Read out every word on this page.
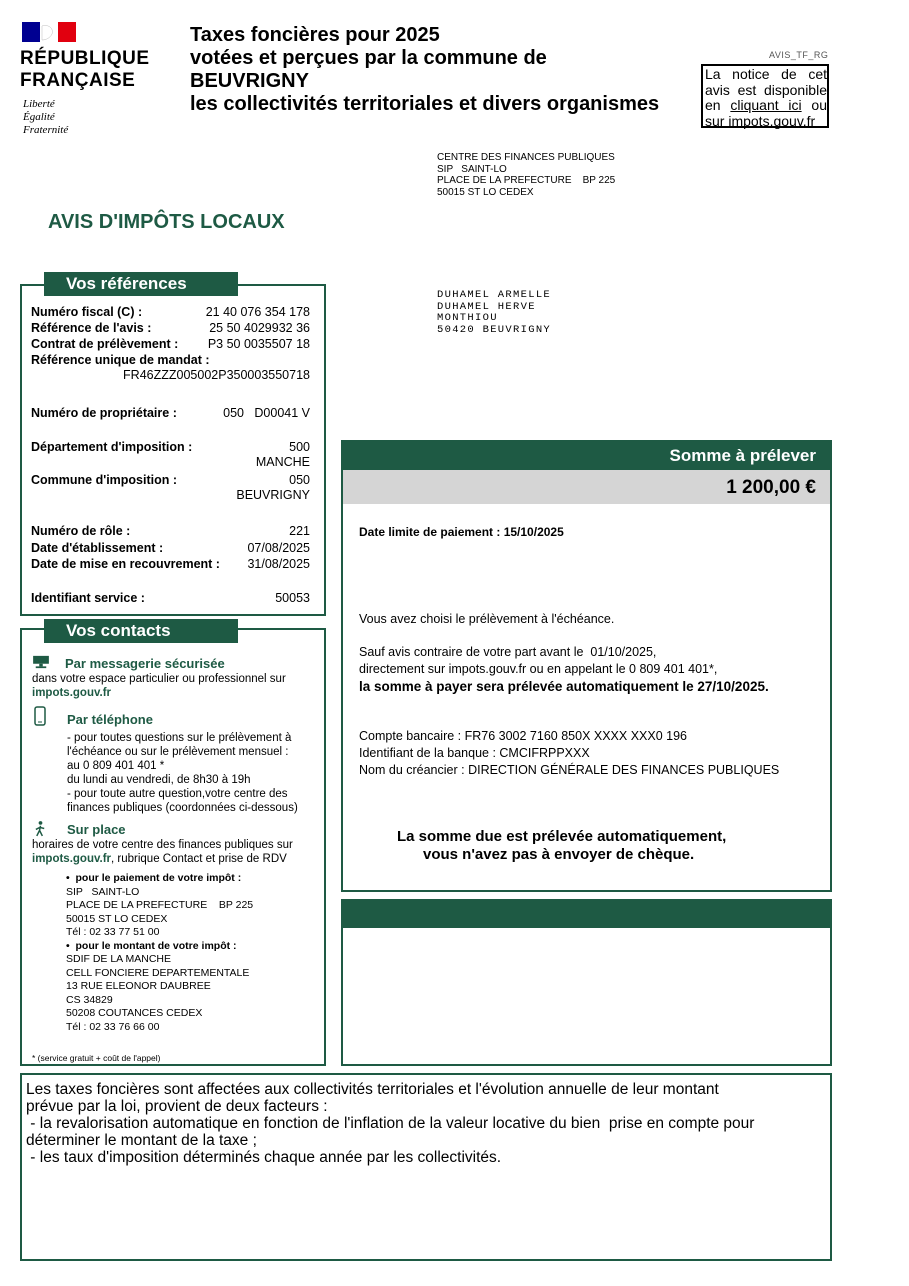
RÉPUBLIQUE
FRANÇAISE
Liberté
Égalité
Fraternité
Taxes foncières pour 2025
votées et perçues par la commune de
BEUVRIGNY
les collectivités territoriales et divers organismes
AVIS_TF_RG
La notice de cet avis est disponible en cliquant ici ou sur impots.gouv.fr
CENTRE DES FINANCES PUBLIQUES
SIP   SAINT-LO
PLACE DE LA PREFECTURE    BP 225
50015 ST LO CEDEX
AVIS D'IMPÔTS LOCAUX
DUHAMEL ARMELLE
DUHAMEL HERVE
MONTHIOU
50420 BEUVRIGNY
Vos références
Numéro fiscal (C) :	21 40 076 354 178
Référence de l'avis :	25 50 4029932 36
Contrat de prélèvement : P3 50 0035507 18
Référence unique de mandat :
FR46ZZZ005002P350003550718
Numéro de propriétaire :	050   D00041 V
Département d'imposition :	500
MANCHE
Commune d'imposition :	050
BEUVRIGNY
Numéro de rôle :	221
Date d'établissement :	07/08/2025
Date de mise en recouvrement : 31/08/2025
Identifiant service :	50053
Vos contacts
Par messagerie sécurisée
dans votre espace particulier ou professionnel sur
impots.gouv.fr
Par téléphone
- pour toutes questions sur le prélèvement à
l'échéance ou sur le prélèvement mensuel :
au 0 809 401 401 *
du lundi au vendredi, de 8h30 à 19h
- pour toute autre question,votre centre des
finances publiques (coordonnées ci-dessous)
Sur place
horaires de votre centre des finances publiques sur
impots.gouv.fr, rubrique Contact et prise de RDV
•  pour le paiement de votre impôt :
SIP   SAINT-LO
PLACE DE LA PREFECTURE    BP 225
50015 ST LO CEDEX
Tél : 02 33 77 51 00
•  pour le montant de votre impôt :
SDIF DE LA MANCHE
CELL FONCIERE DEPARTEMENTALE
13 RUE ELEONOR DAUBREE
CS 34829
50208 COUTANCES CEDEX
Tél : 02 33 76 66 00
* (service gratuit + coût de l'appel)
Somme à prélever
1 200,00 €
Date limite de paiement : 15/10/2025
Vous avez choisi le prélèvement à l'échéance.
Sauf avis contraire de votre part avant le  01/10/2025,
directement sur impots.gouv.fr ou en appelant le 0 809 401 401*,
la somme à payer sera prélevée automatiquement le 27/10/2025.
Compte bancaire : FR76 3002 7160 850X XXXX XXX0 196
Identifiant de la banque : CMCIFRPPXXX
Nom du créancier : DIRECTION GÉNÉRALE DES FINANCES PUBLIQUES
La somme due est prélevée automatiquement,
vous n'avez pas à envoyer de chèque.
Les taxes foncières sont affectées aux collectivités territoriales et l'évolution annuelle de leur montant
prévue par la loi, provient de deux facteurs :
- la revalorisation automatique en fonction de l'inflation de la valeur locative du bien  prise en compte pour
déterminer le montant de la taxe ;
- les taux d'imposition déterminés chaque année par les collectivités.
